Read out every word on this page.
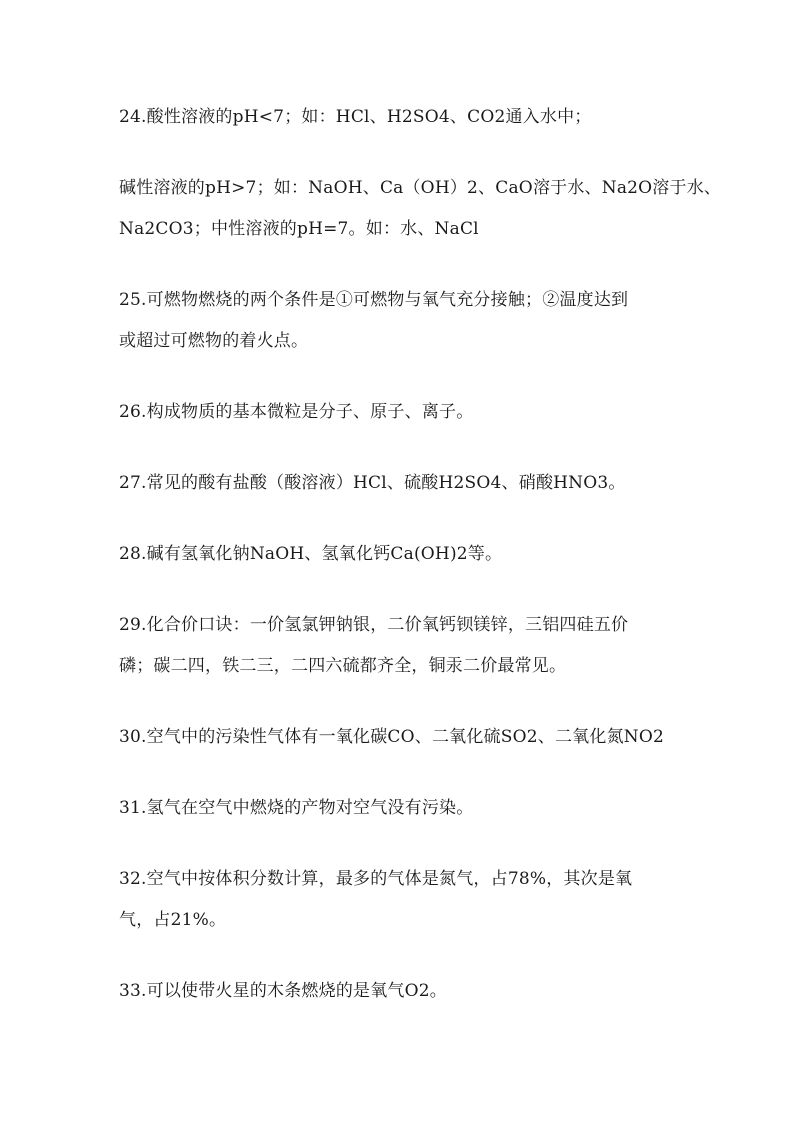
24.酸性溶液的pH<7；如：HCl、H2SO4、CO2通入水中；
碱性溶液的pH>7；如：NaOH、Ca（OH）2、CaO溶于水、Na2O溶于水、
Na2CO3；中性溶液的pH=7。如：水、NaCl
25.可燃物燃烧的两个条件是①可燃物与氧气充分接触；②温度达到
或超过可燃物的着火点。
26.构成物质的基本微粒是分子、原子、离子。
27.常见的酸有盐酸（酸溶液）HCl、硫酸H2SO4、硝酸HNO3。
28.碱有氢氧化钠NaOH、氢氧化钙Ca(OH)2等。
29.化合价口诀：一价氢氯钾钠银，二价氧钙钡镁锌，三铝四硅五价
磷；碳二四，铁二三，二四六硫都齐全，铜汞二价最常见。
30.空气中的污染性气体有一氧化碳CO、二氧化硫SO2、二氧化氮NO2
31.氢气在空气中燃烧的产物对空气没有污染。
32.空气中按体积分数计算，最多的气体是氮气，占78%，其次是氧
气，占21%。
33.可以使带火星的木条燃烧的是氧气O2。
